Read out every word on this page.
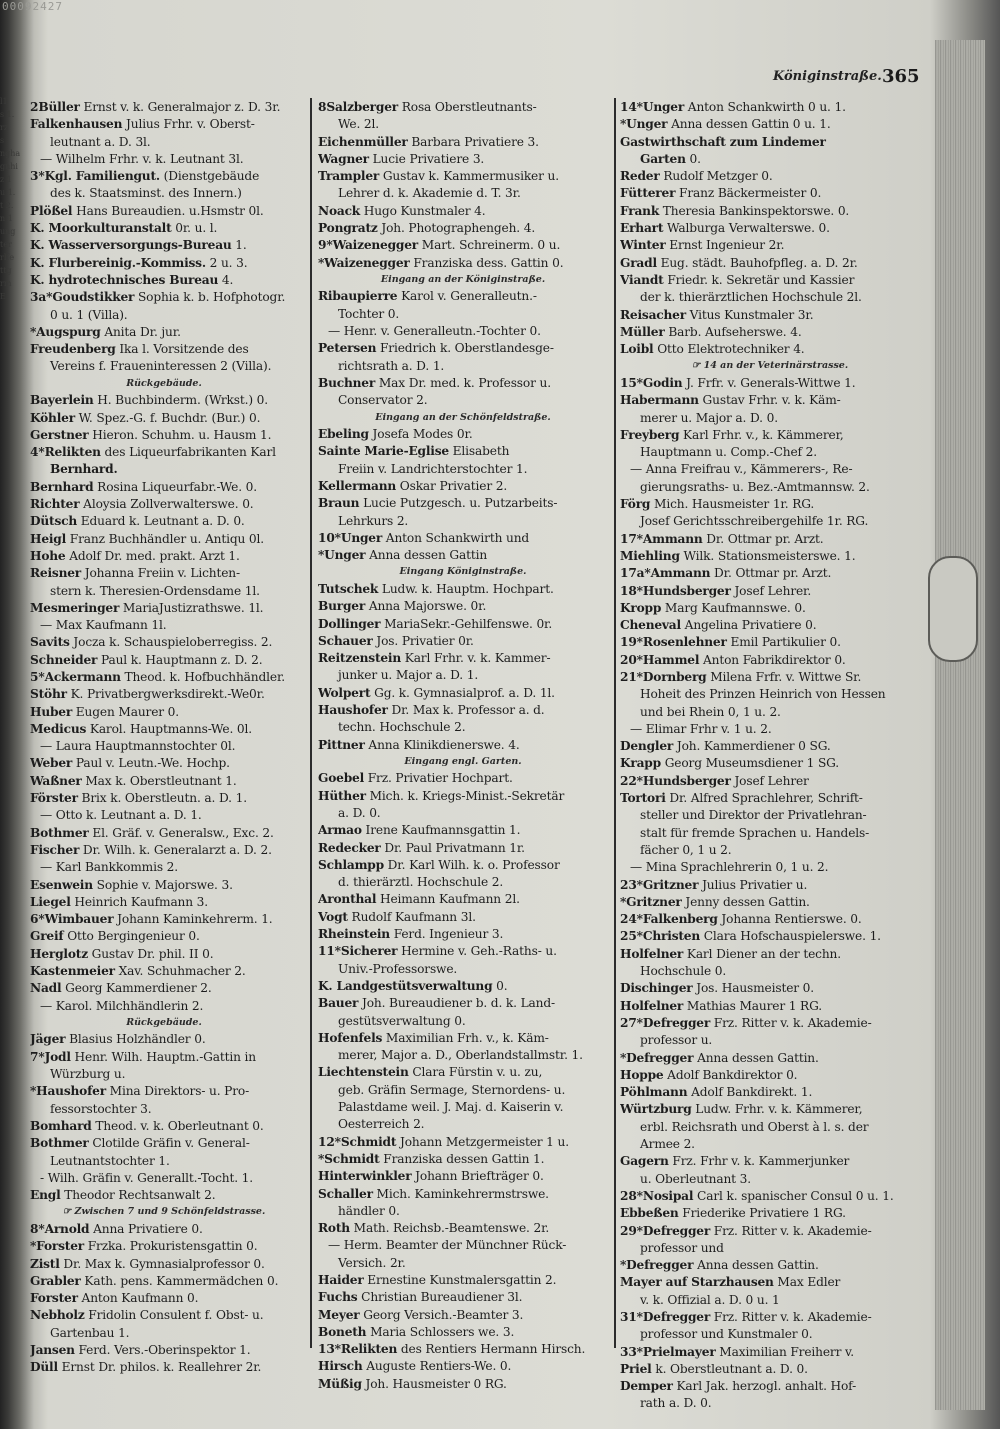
00092427
l1
s 1.
rz
s
ngha
gnhi
z 1
u 1.
t 2.
n 1
ung
ter
rlfe
ttg
rm
E
Königinstraße. 365
2Büller Ernst v. k. Generalmajor z. D. 3r.
Falkenhausen Julius Frhr. v. Oberst-
leutnant a. D. 3l.
— Wilhelm Frhr. v. k. Leutnant 3l.
3*Kgl. Familiengut. (Dienstgebäude
des k. Staatsminst. des Innern.)
Plößel Hans Bureaudien. u.Hsmstr 0l.
K. Moorkulturanstalt 0r. u. l.
K. Wasserversorgungs-Bureau 1.
K. Flurbereinig.-Kommiss. 2 u. 3.
K. hydrotechnisches Bureau 4.
3a*Goudstikker Sophia k. b. Hofphotogr.
0 u. 1 (Villa).
*Augspurg Anita Dr. jur.
Freudenberg Ika l. Vorsitzende des
Vereins f. Fraueninteressen 2 (Villa).
Rückgebäude.
Bayerlein H. Buchbinderm. (Wrkst.) 0.
Köhler W. Spez.-G. f. Buchdr. (Bur.) 0.
Gerstner Hieron. Schuhm. u. Hausm 1.
4*Relikten des Liqueurfabrikanten Karl
Bernhard.
Bernhard Rosina Liqueurfabr.-We. 0.
Richter Aloysia Zollverwalterswe. 0.
Dütsch Eduard k. Leutnant a. D. 0.
Heigl Franz Buchhändler u. Antiqu 0l.
Hohe Adolf Dr. med. prakt. Arzt 1.
Reisner Johanna Freiin v. Lichten-
stern k. Theresien-Ordensdame 1l.
Mesmeringer MariaJustizrathswe. 1l.
— Max Kaufmann 1l.
Savits Jocza k. Schauspieloberregiss. 2.
Schneider Paul k. Hauptmann z. D. 2.
5*Ackermann Theod. k. Hofbuchhändler.
Stöhr K. Privatbergwerksdirekt.-We0r.
Huber Eugen Maurer 0.
Medicus Karol. Hauptmanns-We. 0l.
— Laura Hauptmannstochter 0l.
Weber Paul v. Leutn.-We. Hochp.
Waßner Max k. Oberstleutnant 1.
Förster Brix k. Oberstleutn. a. D. 1.
— Otto k. Leutnant a. D. 1.
Bothmer El. Gräf. v. Generalsw., Exc. 2.
Fischer Dr. Wilh. k. Generalarzt a. D. 2.
— Karl Bankkommis 2.
Esenwein Sophie v. Majorswe. 3.
Liegel Heinrich Kaufmann 3.
6*Wimbauer Johann Kaminkehrerm. 1.
Greif Otto Bergingenieur 0.
Herglotz Gustav Dr. phil. II 0.
Kastenmeier Xav. Schuhmacher 2.
Nadl Georg Kammerdiener 2.
— Karol. Milchhändlerin 2.
Rückgebäude.
Jäger Blasius Holzhändler 0.
7*Jodl Henr. Wilh. Hauptm.-Gattin in
Würzburg u.
*Haushofer Mina Direktors- u. Pro-
fessorstochter 3.
Bomhard Theod. v. k. Oberleutnant 0.
Bothmer Clotilde Gräfin v. General-
Leutnantstochter 1.
- Wilh. Gräfin v. Generallt.-Tocht. 1.
Engl Theodor Rechtsanwalt 2.
☞ Zwischen 7 und 9 Schönfeldstrasse.
8*Arnold Anna Privatiere 0.
*Forster Frzka. Prokuristensgattin 0.
Zistl Dr. Max k. Gymnasialprofessor 0.
Grabler Kath. pens. Kammermädchen 0.
Forster Anton Kaufmann 0.
Nebholz Fridolin Consulent f. Obst- u.
Gartenbau 1.
Jansen Ferd. Vers.-Oberinspektor 1.
Düll Ernst Dr. philos. k. Reallehrer 2r.
8Salzberger Rosa Oberstleutnants-
We. 2l.
Eichenmüller Barbara Privatiere 3.
Wagner Lucie Privatiere 3.
Trampler Gustav k. Kammermusiker u.
Lehrer d. k. Akademie d. T. 3r.
Noack Hugo Kunstmaler 4.
Pongratz Joh. Photographengeh. 4.
9*Waizenegger Mart. Schreinerm. 0 u.
*Waizenegger Franziska dess. Gattin 0.
Eingang an der Königinstraße.
Ribaupierre Karol v. Generalleutn.-
Tochter 0.
— Henr. v. Generalleutn.-Tochter 0.
Petersen Friedrich k. Oberstlandesge-
richtsrath a. D. 1.
Buchner Max Dr. med. k. Professor u.
Conservator 2.
Eingang an der Schönfeldstraße.
Ebeling Josefa Modes 0r.
Sainte Marie-Eglise Elisabeth
Freiin v. Landrichterstochter 1.
Kellermann Oskar Privatier 2.
Braun Lucie Putzgesch. u. Putzarbeits-
Lehrkurs 2.
10*Unger Anton Schankwirth und
*Unger Anna dessen Gattin
Eingang Königinstraße.
Tutschek Ludw. k. Hauptm. Hochpart.
Burger Anna Majorswe. 0r.
Dollinger MariaSekr.-Gehilfenswe. 0r.
Schauer Jos. Privatier 0r.
Reitzenstein Karl Frhr. v. k. Kammer-
junker u. Major a. D. 1.
Wolpert Gg. k. Gymnasialprof. a. D. 1l.
Haushofer Dr. Max k. Professor a. d.
techn. Hochschule 2.
Pittner Anna Klinikdienerswe. 4.
Eingang engl. Garten.
Goebel Frz. Privatier Hochpart.
Hüther Mich. k. Kriegs-Minist.-Sekretär
a. D. 0.
Armao Irene Kaufmannsgattin 1.
Redecker Dr. Paul Privatmann 1r.
Schlampp Dr. Karl Wilh. k. o. Professor
d. thierärztl. Hochschule 2.
Aronthal Heimann Kaufmann 2l.
Vogt Rudolf Kaufmann 3l.
Rheinstein Ferd. Ingenieur 3.
11*Sicherer Hermine v. Geh.-Raths- u.
Univ.-Professorswe.
K. Landgestütsverwaltung 0.
Bauer Joh. Bureaudiener b. d. k. Land-
gestütsverwaltung 0.
Hofenfels Maximilian Frh. v., k. Käm-
merer, Major a. D., Oberlandstallmstr. 1.
Liechtenstein Clara Fürstin v. u. zu,
geb. Gräfin Sermage, Sternordens- u.
Palastdame weil. J. Maj. d. Kaiserin v.
Oesterreich 2.
12*Schmidt Johann Metzgermeister 1 u.
*Schmidt Franziska dessen Gattin 1.
Hinterwinkler Johann Briefträger 0.
Schaller Mich. Kaminkehrermstrswe.
händler 0.
Roth Math. Reichsb.-Beamtenswe. 2r.
— Herm. Beamter der Münchner Rück-
Versich. 2r.
Haider Ernestine Kunstmalersgattin 2.
Fuchs Christian Bureaudiener 3l.
Meyer Georg Versich.-Beamter 3.
Boneth Maria Schlossers we. 3.
13*Relikten des Rentiers Hermann Hirsch.
Hirsch Auguste Rentiers-We. 0.
Müßig Joh. Hausmeister 0 RG.
14*Unger Anton Schankwirth 0 u. 1.
*Unger Anna dessen Gattin 0 u. 1.
Gastwirthschaft zum Lindemer
Garten 0.
Reder Rudolf Metzger 0.
Fütterer Franz Bäckermeister 0.
Frank Theresia Bankinspektorswe. 0.
Erhart Walburga Verwalterswe. 0.
Winter Ernst Ingenieur 2r.
Gradl Eug. städt. Bauhofpfleg. a. D. 2r.
Viandt Friedr. k. Sekretär und Kassier
der k. thierärztlichen Hochschule 2l.
Reisacher Vitus Kunstmaler 3r.
Müller Barb. Aufseherswe. 4.
Loibl Otto Elektrotechniker 4.
☞ 14 an der Veterinärstrasse.
15*Godin J. Frfr. v. Generals-Wittwe 1.
Habermann Gustav Frhr. v. k. Käm-
merer u. Major a. D. 0.
Freyberg Karl Frhr. v., k. Kämmerer,
Hauptmann u. Comp.-Chef 2.
— Anna Freifrau v., Kämmerers-, Re-
gierungsraths- u. Bez.-Amtmannsw. 2.
Förg Mich. Hausmeister 1r. RG.
Josef Gerichtsschreibergehilfe 1r. RG.
17*Ammann Dr. Ottmar pr. Arzt.
Miehling Wilk. Stationsmeisterswe. 1.
17a*Ammann Dr. Ottmar pr. Arzt.
18*Hundsberger Josef Lehrer.
Kropp Marg Kaufmannswe. 0.
Cheneval Angelina Privatiere 0.
19*Rosenlehner Emil Partikulier 0.
20*Hammel Anton Fabrikdirektor 0.
21*Dornberg Milena Frfr. v. Wittwe Sr.
Hoheit des Prinzen Heinrich von Hessen
und bei Rhein 0, 1 u. 2.
— Elimar Frhr v. 1 u. 2.
Dengler Joh. Kammerdiener 0 SG.
Krapp Georg Museumsdiener 1 SG.
22*Hundsberger Josef Lehrer
Tortori Dr. Alfred Sprachlehrer, Schrift-
steller und Direktor der Privatlehran-
stalt für fremde Sprachen u. Handels-
fächer 0, 1 u 2.
— Mina Sprachlehrerin 0, 1 u. 2.
23*Gritzner Julius Privatier u.
*Gritzner Jenny dessen Gattin.
24*Falkenberg Johanna Rentierswe. 0.
25*Christen Clara Hofschauspielerswe. 1.
Holfelner Karl Diener an der techn.
Hochschule 0.
Dischinger Jos. Hausmeister 0.
Holfelner Mathias Maurer 1 RG.
27*Defregger Frz. Ritter v. k. Akademie-
professor u.
*Defregger Anna dessen Gattin.
Hoppe Adolf Bankdirektor 0.
Pöhlmann Adolf Bankdirekt. 1.
Würtzburg Ludw. Frhr. v. k. Kämmerer,
erbl. Reichsrath und Oberst à l. s. der
Armee 2.
Gagern Frz. Frhr v. k. Kammerjunker
u. Oberleutnant 3.
28*Nosipal Carl k. spanischer Consul 0 u. 1.
Ebbeßen Friederike Privatiere 1 RG.
29*Defregger Frz. Ritter v. k. Akademie-
professor und
*Defregger Anna dessen Gattin.
Mayer auf Starzhausen Max Edler
v. k. Offizial a. D. 0 u. 1
31*Defregger Frz. Ritter v. k. Akademie-
professor und Kunstmaler 0.
33*Prielmayer Maximilian Freiherr v.
Priel k. Oberstleutnant a. D. 0.
Demper Karl Jak. herzogl. anhalt. Hof-
rath a. D. 0.
